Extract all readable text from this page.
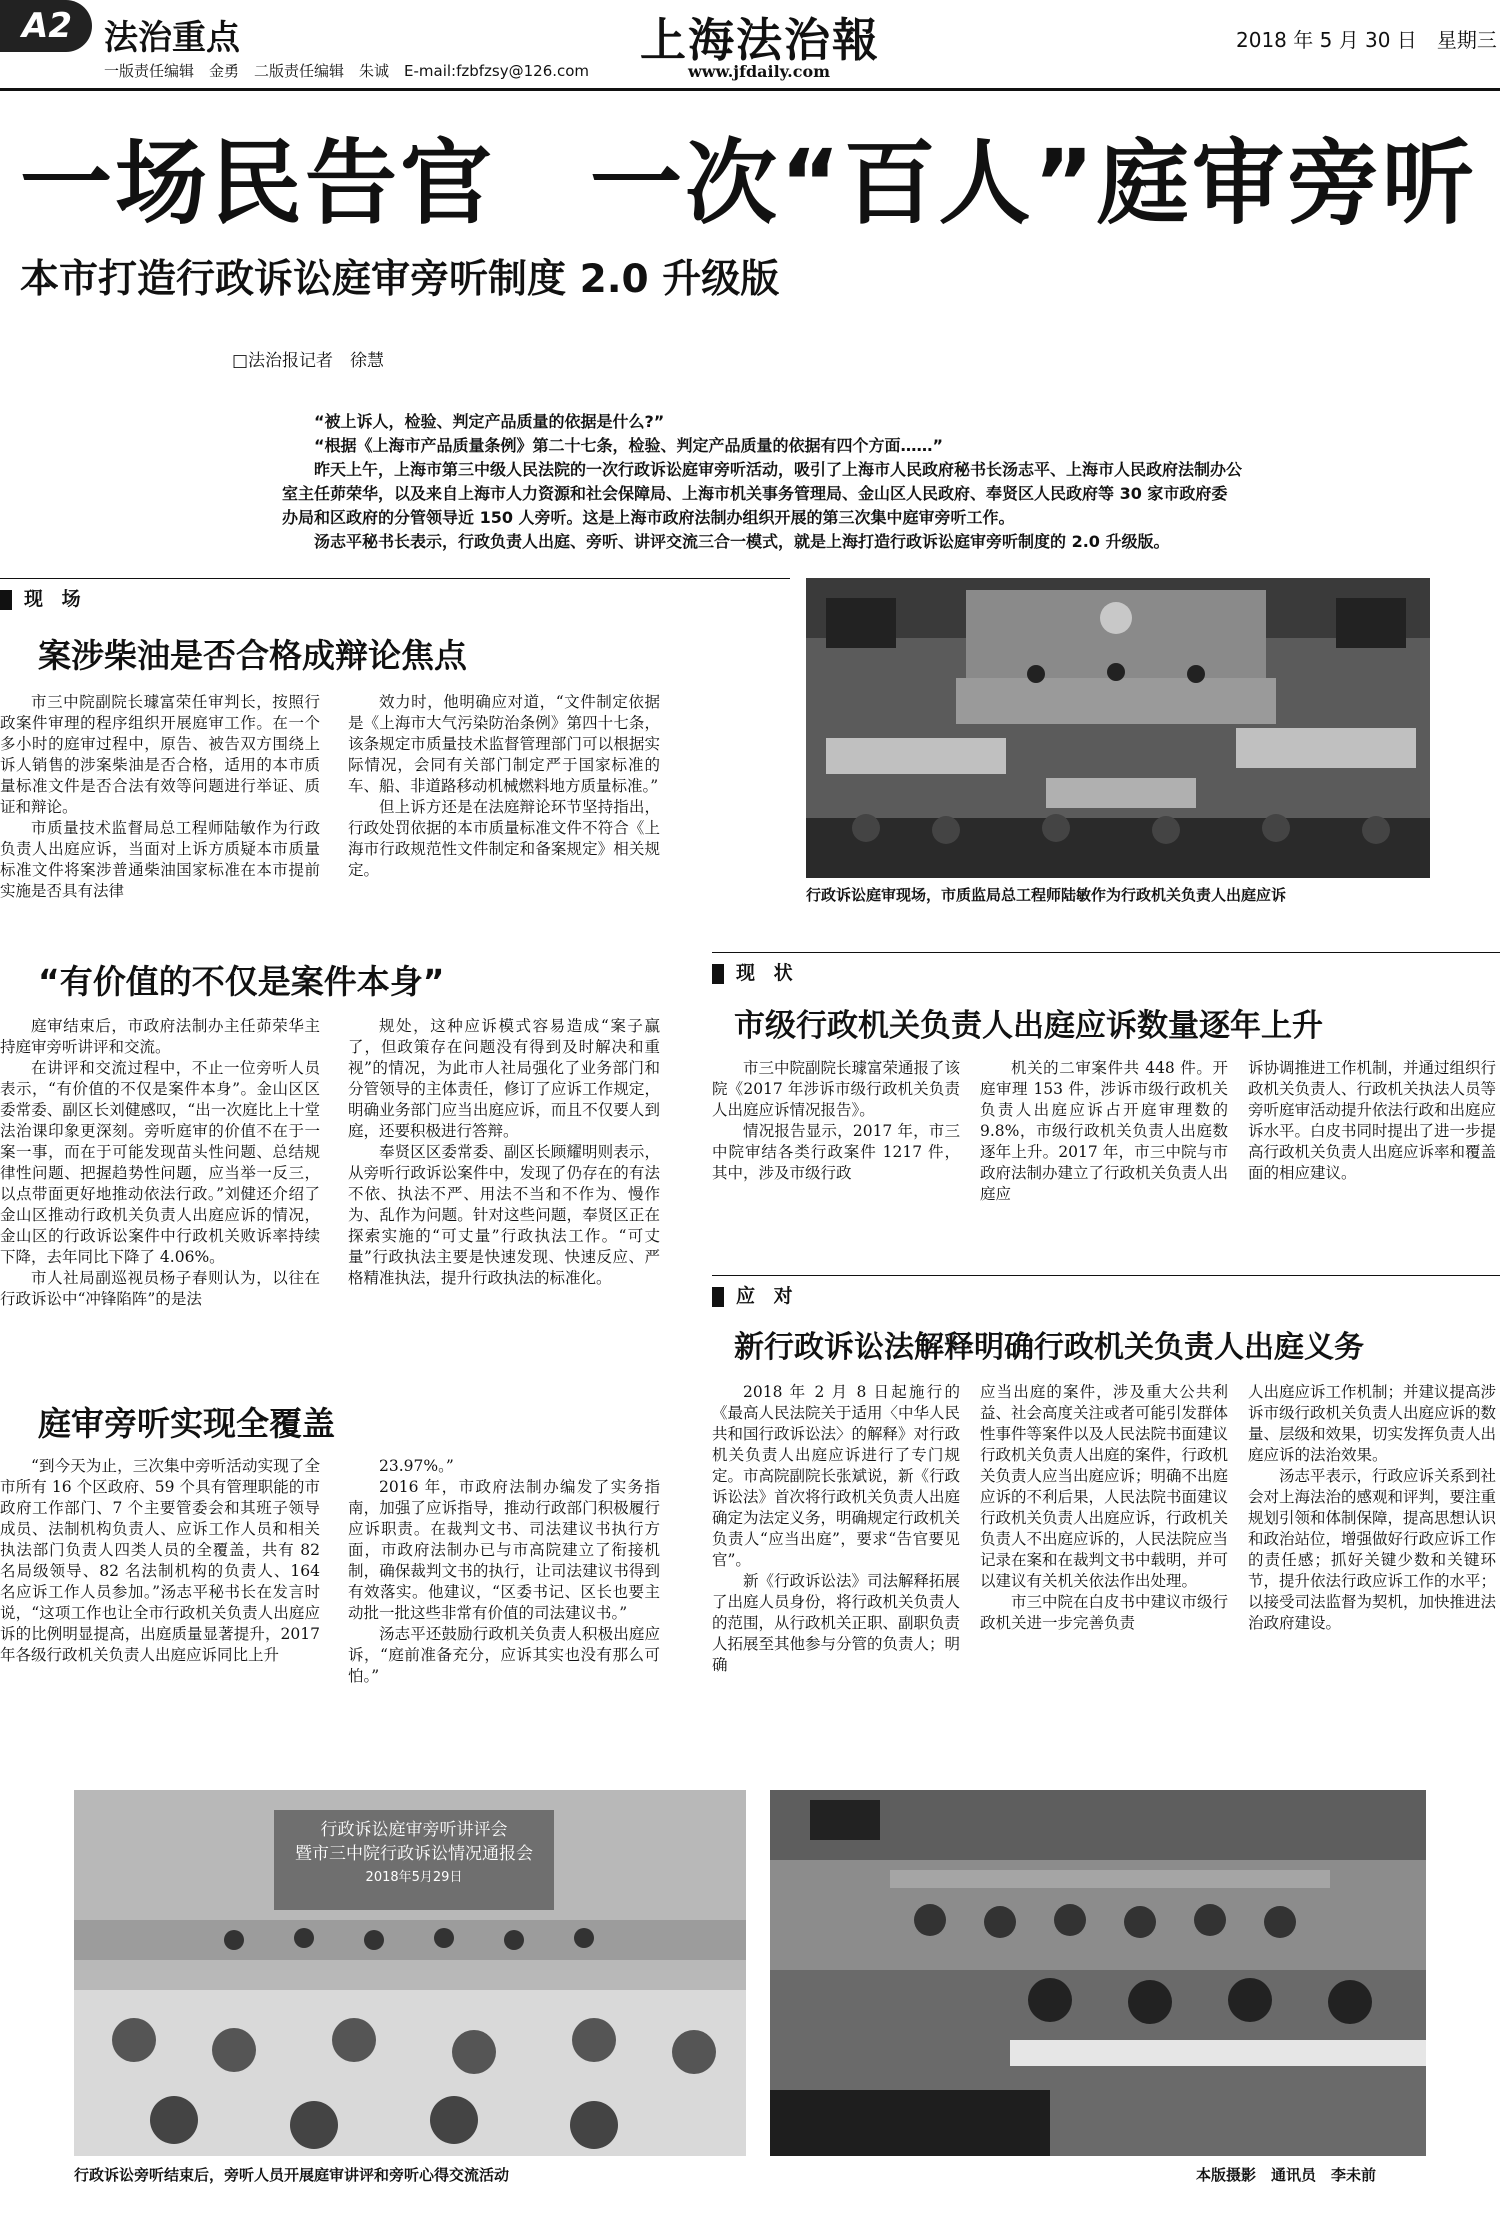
A2 法治重点
一版责任编辑　金勇　二版责任编辑　朱诚　E-mail:fzbfzsy@126.com
上海法治報
www.jfdaily.com
2018 年 5 月 30 日　星期三
一场民告官　一次“百人”庭审旁听
本市打造行政诉讼庭审旁听制度 2.0 升级版
□法治报记者　徐慧

“被上诉人，检验、判定产品质量的依据是什么?”

“根据《上海市产品质量条例》第二十七条，检验、判定产品质量的依据有四个方面……”

昨天上午，上海市第三中级人民法院的一次行政诉讼庭审旁听活动，吸引了上海市人民政府秘书长汤志平、上海市人民政府法制办公室主任茆荣华，以及来自上海市人力资源和社会保障局、上海市机关事务管理局、金山区人民政府、奉贤区人民政府等 30 家市政府委办局和区政府的分管领导近 150 人旁听。这是上海市政府法制办组织开展的第三次集中庭审旁听工作。

汤志平秘书长表示，行政负责人出庭、旁听、讲评交流三合一模式，就是上海打造行政诉讼庭审旁听制度的 2.0 升级版。

现 场
案涉柴油是否合格成辩论焦点

市三中院副院长璩富荣任审判长，按照行政案件审理的程序组织开展庭审工作。在一个多小时的庭审过程中，原告、被告双方围绕上诉人销售的涉案柴油是否合格，适用的本市质量标准文件是否合法有效等问题进行举证、质证和辩论。

市质量技术监督局总工程师陆敏作为行政负责人出庭应诉，当面对上诉方质疑本市质量标准文件将案涉普通柴油国家标准在本市提前实施是否具有法律

效力时，他明确应对道，“文件制定依据是《上海市大气污染防治条例》第四十七条，该条规定市质量技术监督管理部门可以根据实际情况，会同有关部门制定严于国家标准的车、船、非道路移动机械燃料地方质量标准。”

但上诉方还是在法庭辩论环节坚持指出，行政处罚依据的本市质量标准文件不符合《上海市行政规范性文件制定和备案规定》相关规定。

“有价值的不仅是案件本身”

庭审结束后，市政府法制办主任茆荣华主持庭审旁听讲评和交流。

在讲评和交流过程中，不止一位旁听人员表示，“有价值的不仅是案件本身”。金山区区委常委、副区长刘健感叹，“出一次庭比上十堂法治课印象更深刻。旁听庭审的价值不在于一案一事，而在于可能发现苗头性问题、总结规律性问题、把握趋势性问题，应当举一反三，以点带面更好地推动依法行政。”刘健还介绍了金山区推动行政机关负责人出庭应诉的情况，金山区的行政诉讼案件中行政机关败诉率持续下降，去年同比下降了 4.06%。

市人社局副巡视员杨子春则认为，以往在行政诉讼中“冲锋陷阵”的是法

规处，这种应诉模式容易造成“案子赢了，但政策存在问题没有得到及时解决和重视”的情况，为此市人社局强化了业务部门和分管领导的主体责任，修订了应诉工作规定，明确业务部门应当出庭应诉，而且不仅要人到庭，还要积极进行答辩。

奉贤区区委常委、副区长顾耀明则表示，从旁听行政诉讼案件中，发现了仍存在的有法不依、执法不严、用法不当和不作为、慢作为、乱作为问题。针对这些问题，奉贤区正在探索实施的“可丈量”行政执法工作。“可丈量”行政执法主要是快速发现、快速反应、严格精准执法，提升行政执法的标准化。

庭审旁听实现全覆盖

“到今天为止，三次集中旁听活动实现了全市所有 16 个区政府、59 个具有管理职能的市政府工作部门、7 个主要管委会和其班子领导成员、法制机构负责人、应诉工作人员和相关执法部门负责人四类人员的全覆盖，共有 82 名局级领导、82 名法制机构的负责人、164 名应诉工作人员参加。”汤志平秘书长在发言时说，“这项工作也让全市行政机关负责人出庭应诉的比例明显提高，出庭质量显著提升，2017 年各级行政机关负责人出庭应诉同比上升

23.97%。”

2016 年，市政府法制办编发了实务指南，加强了应诉指导，推动行政部门积极履行应诉职责。在裁判文书、司法建议书执行方面，市政府法制办已与市高院建立了衔接机制，确保裁判文书的执行，让司法建议书得到有效落实。他建议，“区委书记、区长也要主动批一批这些非常有价值的司法建议书。”

汤志平还鼓励行政机关负责人积极出庭应诉，“庭前准备充分，应诉其实也没有那么可怕。”

行政诉讼庭审现场，市质监局总工程师陆敏作为行政机关负责人出庭应诉
现 状
市级行政机关负责人出庭应诉数量逐年上升

市三中院副院长璩富荣通报了该院《2017 年涉诉市级行政机关负责人出庭应诉情况报告》。

情况报告显示，2017 年，市三中院审结各类行政案件 1217 件，其中，涉及市级行政

机关的二审案件共 448 件。开庭审理 153 件，涉诉市级行政机关负责人出庭应诉占开庭审理数的 9.8%，市级行政机关负责人出庭数逐年上升。2017 年，市三中院与市政府法制办建立了行政机关负责人出庭应

诉协调推进工作机制，并通过组织行政机关负责人、行政机关执法人员等旁听庭审活动提升依法行政和出庭应诉水平。白皮书同时提出了进一步提高行政机关负责人出庭应诉率和覆盖面的相应建议。

应 对
新行政诉讼法解释明确行政机关负责人出庭义务

2018 年 2 月 8 日起施行的《最高人民法院关于适用〈中华人民共和国行政诉讼法〉的解释》对行政机关负责人出庭应诉进行了专门规定。市高院副院长张斌说，新《行政诉讼法》首次将行政机关负责人出庭确定为法定义务，明确规定行政机关负责人“应当出庭”，要求“告官要见官”。

新《行政诉讼法》司法解释拓展了出庭人员身份，将行政机关负责人的范围，从行政机关正职、副职负责人拓展至其他参与分管的负责人；明确

应当出庭的案件，涉及重大公共利益、社会高度关注或者可能引发群体性事件等案件以及人民法院书面建议行政机关负责人出庭的案件，行政机关负责人应当出庭应诉；明确不出庭应诉的不利后果，人民法院书面建议行政机关负责人出庭应诉，行政机关负责人不出庭应诉的，人民法院应当记录在案和在裁判文书中载明，并可以建议有关机关依法作出处理。

市三中院在白皮书中建议市级行政机关进一步完善负责

人出庭应诉工作机制；并建议提高涉诉市级行政机关负责人出庭应诉的数量、层级和效果，切实发挥负责人出庭应诉的法治效果。

汤志平表示，行政应诉关系到社会对上海法治的感观和评判，要注重规划引领和体制保障，提高思想认识和政治站位，增强做好行政应诉工作的责任感；抓好关键少数和关键环节，提升依法行政应诉工作的水平；以接受司法监督为契机，加快推进法治政府建设。

行政诉讼庭审旁听讲评会
暨市三中院行政诉讼情况通报会
2018年5月29日
行政诉讼旁听结束后，旁听人员开展庭审讲评和旁听心得交流活动	本版摄影　通讯员　李未前
